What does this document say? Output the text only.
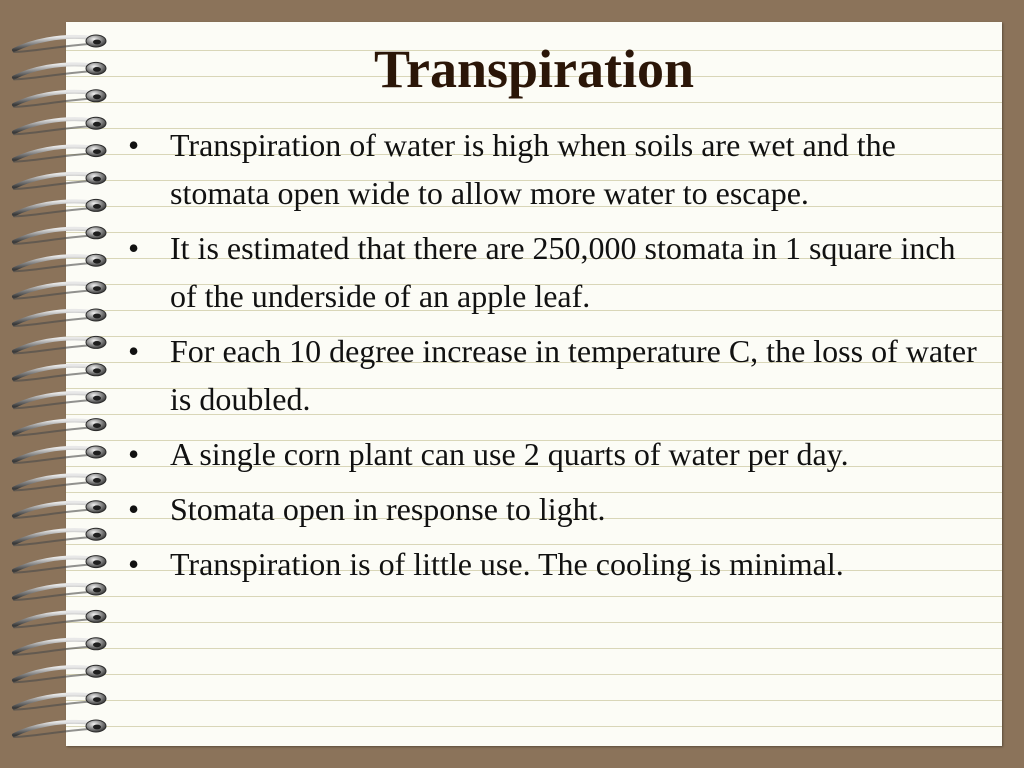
Transpiration
• Transpiration of water is high when soils are wet and the stomata open wide to allow more water to escape.
• It is estimated that there are 250,000 stomata in 1 square inch of the underside of an apple leaf.
• For each 10 degree increase in temperature C, the loss of water is doubled.
• A single corn plant can use 2 quarts of water per day.
• Stomata open in response to light.
• Transpiration is of little use. The cooling is minimal.
